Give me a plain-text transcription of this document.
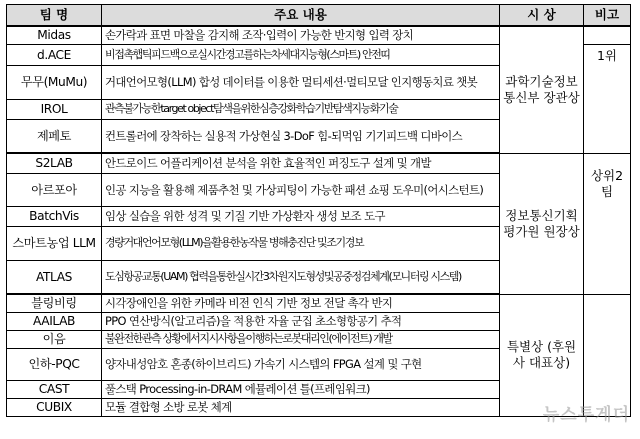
팀 명	주요 내용	시 상	비고
Midas	손가락과 표면 마찰을 감지해 조작·입력이 가능한 반지형 입력 장치	과학기술정보통신부 장관상	
d.ACE	비접촉햅틱피드백으로실시간경고를하는차세대지능형(스마트) 안전띠		1위
무무(MuMu)	거대언어모형(LLM) 합성 데이터를 이용한 멀티세션·멀티모달 인지행동치료 챗봇		
IROL	관측불가능한target object탐색을위한심층강화학습기반탐색지능화기술		
제페토	컨트롤러에 장착하는 실용적 가상현실 3-DoF 힘-되먹임 기기피드백 디바이스		
S2LAB	안드로이드 어플리케이션 분석을 위한 효율적인 퍼징도구 설계 및 개발	정보통신기획평가원 원장상	상위2팀
아르포아	인공 지능을 활용해 제품추천 및 가상피팅이 가능한 패션 쇼핑 도우미(어시스턴트)		
BatchVis	임상 실습을 위한 성격 및 기질 기반 가상환자 생성 보조 도구		
스마트농업 LLM	경량거대언어모형(LLM)을활용한농작물 병해충진단 및조기경보		
ATLAS	도심항공교통(UAM) 협력을통한실시간3차원지도형성및공중정검체계(모니터링 시스템)		
블링비링	시각장애인을 위한 카메라 비전 인식 기반 정보 전달 촉각 반지	특별상 (후원사 대표상)	
AAILAB	PPO 연산방식(알고리즘)을 적용한 자율 군집 초소형항공기 추적		
이음	불완전한관측 상황에서지시사항을이행하는로봇대리인(에이전트) 개발		
인하-PQC	양자내성암호 혼종(하이브리드) 가속기 시스템의 FPGA 설계 및 구현		
CAST	풀스택 Processing-in-DRAM 에뮬레이션 틀(프레임워크)		
CUBIX	모듈 결합형 소방 로봇 체계			뉴스투게더
